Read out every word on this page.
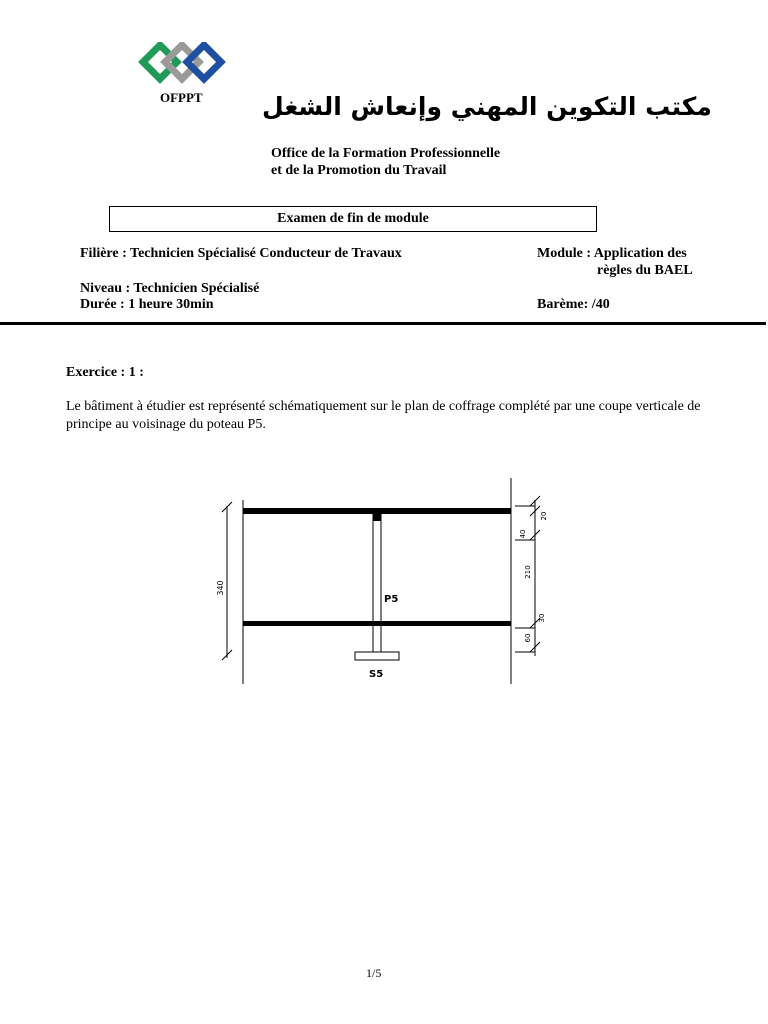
OFPPT مكتب التكوين المهني وإنعاش الشغل
Office de la Formation Professionnelle
et de la Promotion du Travail
Examen de fin de module
Filière : Technicien Spécialisé Conducteur de Travaux	Module : Application des
règles du BAEL
Niveau : Technicien Spécialisé
Durée : 1 heure 30min	Barème: /40
Exercice : 1 :
Le bâtiment à étudier est représenté schématiquement sur le plan de coffrage complété par une coupe verticale de principe au voisinage du poteau P5.
340
20
40
210
30
60
P5
S5
1/5
